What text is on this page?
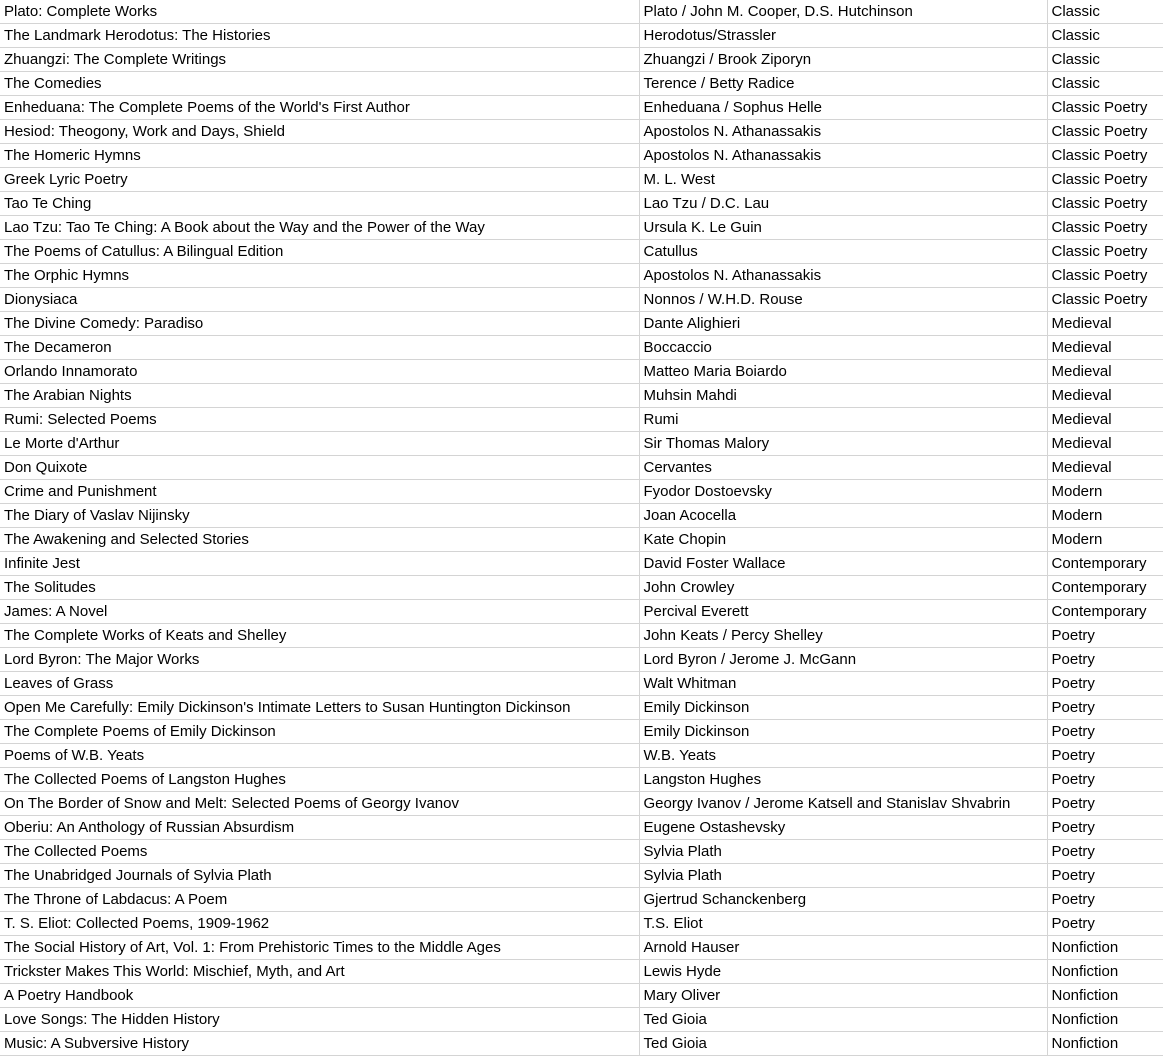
Plato: Complete Works	Plato / John M. Cooper, D.S. Hutchinson	Classic
The Landmark Herodotus: The Histories	Herodotus/Strassler	Classic
Zhuangzi: The Complete Writings	Zhuangzi / Brook Ziporyn	Classic
The Comedies	Terence / Betty Radice	Classic
Enheduana: The Complete Poems of the World's First Author	Enheduana / Sophus Helle	Classic Poetry
Hesiod: Theogony, Work and Days, Shield	Apostolos N. Athanassakis	Classic Poetry
The Homeric Hymns	Apostolos N. Athanassakis	Classic Poetry
Greek Lyric Poetry	M. L. West	Classic Poetry
Tao Te Ching	Lao Tzu / D.C. Lau	Classic Poetry
Lao Tzu: Tao Te Ching: A Book about the Way and the Power of the Way	Ursula K. Le Guin	Classic Poetry
The Poems of Catullus: A Bilingual Edition	Catullus	Classic Poetry
The Orphic Hymns	Apostolos N. Athanassakis	Classic Poetry
Dionysiaca	Nonnos / W.H.D. Rouse	Classic Poetry
The Divine Comedy: Paradiso	Dante Alighieri	Medieval
The Decameron	Boccaccio	Medieval
Orlando Innamorato	Matteo Maria Boiardo	Medieval
The Arabian Nights	Muhsin Mahdi	Medieval
Rumi: Selected Poems	Rumi	Medieval
Le Morte d'Arthur	Sir Thomas Malory	Medieval
Don Quixote	Cervantes	Medieval
Crime and Punishment	Fyodor Dostoevsky	Modern
The Diary of Vaslav Nijinsky	Joan Acocella	Modern
The Awakening and Selected Stories	Kate Chopin	Modern
Infinite Jest	David Foster Wallace	Contemporary
The Solitudes	John Crowley	Contemporary
James: A Novel	Percival Everett	Contemporary
The Complete Works of Keats and Shelley	John Keats / Percy Shelley	Poetry
Lord Byron: The Major Works	Lord Byron / Jerome J. McGann	Poetry
Leaves of Grass	Walt Whitman	Poetry
Open Me Carefully: Emily Dickinson's Intimate Letters to Susan Huntington Dickinson	Emily Dickinson	Poetry
The Complete Poems of Emily Dickinson	Emily Dickinson	Poetry
Poems of W.B. Yeats	W.B. Yeats	Poetry
The Collected Poems of Langston Hughes	Langston Hughes	Poetry
On The Border of Snow and Melt: Selected Poems of Georgy Ivanov	Georgy Ivanov / Jerome Katsell and Stanislav Shvabrin	Poetry
Oberiu: An Anthology of Russian Absurdism	Eugene Ostashevsky	Poetry
The Collected Poems	Sylvia Plath	Poetry
The Unabridged Journals of Sylvia Plath	Sylvia Plath	Poetry
The Throne of Labdacus: A Poem	Gjertrud Schanckenberg	Poetry
T. S. Eliot: Collected Poems, 1909-1962	T.S. Eliot	Poetry
The Social History of Art, Vol. 1: From Prehistoric Times to the Middle Ages	Arnold Hauser	Nonfiction
Trickster Makes This World: Mischief, Myth, and Art	Lewis Hyde	Nonfiction
A Poetry Handbook	Mary Oliver	Nonfiction
Love Songs: The Hidden History	Ted Gioia	Nonfiction
Music: A Subversive History	Ted Gioia	Nonfiction
